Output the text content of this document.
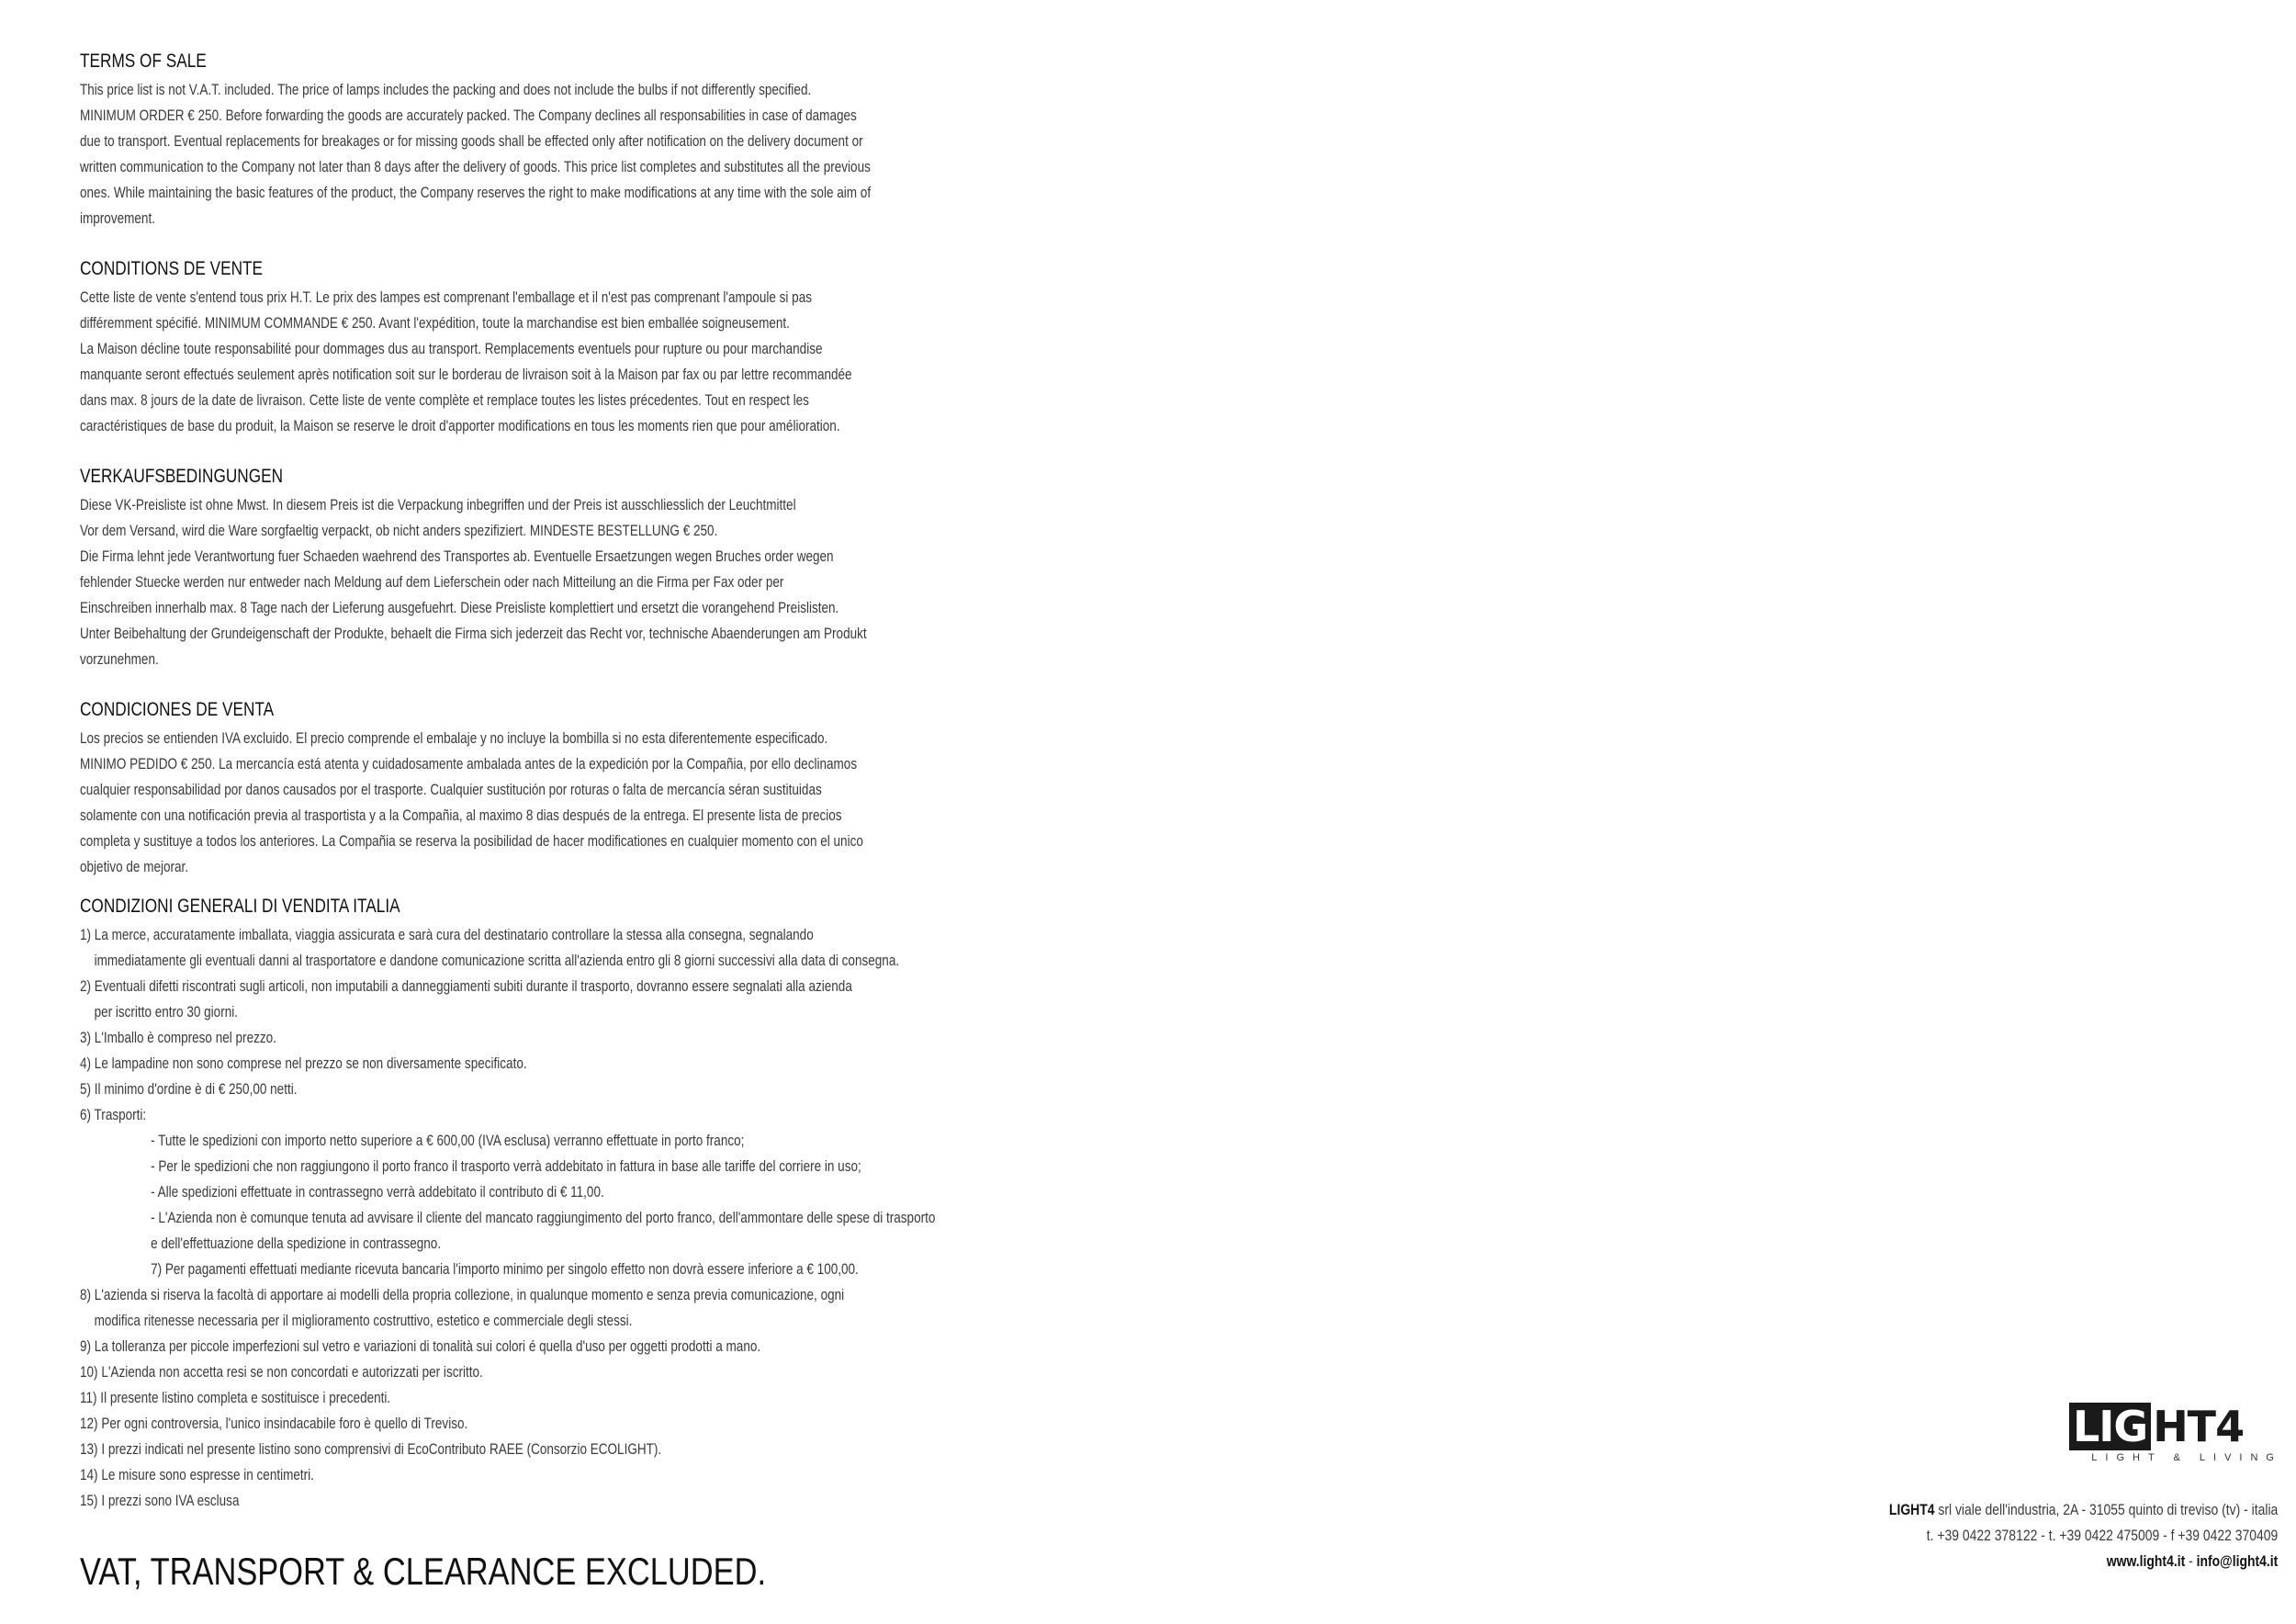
TERMS OF SALE

This price list is not V.A.T. included. The price of lamps includes the packing and does not include the bulbs if not differently specified.

MINIMUM ORDER € 250. Before forwarding the goods are accurately packed. The Company declines all responsabilities in case of damages

due to transport. Eventual replacements for breakages or for missing goods shall be effected only after notification on the delivery document or

written communication to the Company not later than 8 days after the delivery of goods. This price list completes and substitutes all the previous

ones. While maintaining the basic features of the product, the Company reserves the right to make modifications at any time with the sole aim of

improvement.

CONDITIONS DE VENTE

Cette liste de vente s'entend tous prix H.T. Le prix des lampes est comprenant l'emballage et il n'est pas comprenant l'ampoule si pas

différemment spécifié. MINIMUM COMMANDE € 250. Avant l'expédition, toute la marchandise est bien emballée soigneusement.

La Maison décline toute responsabilité pour dommages dus au transport. Remplacements eventuels pour rupture ou pour marchandise

manquante seront effectués seulement après notification soit sur le borderau de livraison soit à la Maison par fax ou par lettre recommandée

dans max. 8 jours de la date de livraison. Cette liste de vente complète et remplace toutes les listes précedentes. Tout en respect les

caractéristiques de base du produit, la Maison se reserve le droit d'apporter modifications en tous les moments rien que pour amélioration.

VERKAUFSBEDINGUNGEN

Diese VK-Preisliste ist ohne Mwst. In diesem Preis ist die Verpackung inbegriffen und der Preis ist ausschliesslich der Leuchtmittel

Vor dem Versand, wird die Ware sorgfaeltig verpackt, ob nicht anders spezifiziert. MINDESTE BESTELLUNG € 250.

Die Firma lehnt jede Verantwortung fuer Schaeden waehrend des Transportes ab. Eventuelle Ersaetzungen wegen Bruches order wegen

fehlender Stuecke werden nur entweder nach Meldung auf dem Lieferschein oder nach Mitteilung an die Firma per Fax oder per

Einschreiben innerhalb max. 8 Tage nach der Lieferung ausgefuehrt. Diese Preisliste komplettiert und ersetzt die vorangehend Preislisten.

Unter Beibehaltung der Grundeigenschaft der Produkte, behaelt die Firma sich jederzeit das Recht vor, technische Abaenderungen am Produkt

vorzunehmen.

CONDICIONES DE VENTA

Los precios se entienden IVA excluido. El precio comprende el embalaje y no incluye la bombilla si no esta diferentemente especificado.

MINIMO PEDIDO € 250. La mercancía está atenta y cuidadosamente ambalada antes de la expedición por la Compañia, por ello declinamos

cualquier responsabilidad por danos causados por el trasporte. Cualquier sustitución por roturas o falta de mercancía séran sustituidas

solamente con una notificación previa al trasportista y a la Compañia, al maximo 8 dias después de la entrega. El presente lista de precios

completa y sustituye a todos los anteriores. La Compañia se reserva la posibilidad de hacer modificationes en cualquier momento con el unico

objetivo de mejorar.

CONDIZIONI GENERALI DI VENDITA ITALIA

1) La merce, accuratamente imballata, viaggia assicurata e sarà cura del destinatario controllare la stessa alla consegna, segnalando

immediatamente gli eventuali danni al trasportatore e dandone comunicazione scritta all'azienda entro gli 8 giorni successivi alla data di consegna.

2) Eventuali difetti riscontrati sugli articoli, non imputabili a danneggiamenti subiti durante il trasporto, dovranno essere segnalati alla azienda

per iscritto entro 30 giorni.

3) L'Imballo è compreso nel prezzo.

4) Le lampadine non sono comprese nel prezzo se non diversamente specificato.

5) Il minimo d'ordine è di € 250,00 netti.

6) Trasporti:

- Tutte le spedizioni con importo netto superiore a € 600,00 (IVA esclusa) verranno effettuate in porto franco;

- Per le spedizioni che non raggiungono il porto franco il trasporto verrà addebitato in fattura in base alle tariffe del corriere in uso;

- Alle spedizioni effettuate in contrassegno verrà addebitato il contributo di € 11,00.

- L'Azienda non è comunque tenuta ad avvisare il cliente del mancato raggiungimento del porto franco, dell'ammontare delle spese di trasporto

e dell'effettuazione della spedizione in contrassegno.

7) Per pagamenti effettuati mediante ricevuta bancaria l'importo minimo per singolo effetto non dovrà essere inferiore a € 100,00.

8) L'azienda si riserva la facoltà di apportare ai modelli della propria collezione, in qualunque momento e senza previa comunicazione, ogni

modifica ritenesse necessaria per il miglioramento costruttivo, estetico e commerciale degli stessi.

9) La tolleranza per piccole imperfezioni sul vetro e variazioni di tonalità sui colori é quella d'uso per oggetti prodotti a mano.

10) L'Azienda non accetta resi se non concordati e autorizzati per iscritto.

11) Il presente listino completa e sostituisce i precedenti.

12) Per ogni controversia, l'unico insindacabile foro è quello di Treviso.

13) I prezzi indicati nel presente listino sono comprensivi di EcoContributo RAEE (Consorzio ECOLIGHT).

14) Le misure sono espresse in centimetri.

15) I prezzi sono IVA esclusa

VAT, TRANSPORT & CLEARANCE EXCLUDED.
LIG HT4
LIGHT & LIVING
LIGHT4 srl viale dell'industria, 2A - 31055 quinto di treviso (tv) - italia
t. +39 0422 378122 - t. +39 0422 475009 - f +39 0422 370409
www.light4.it - info@light4.it
